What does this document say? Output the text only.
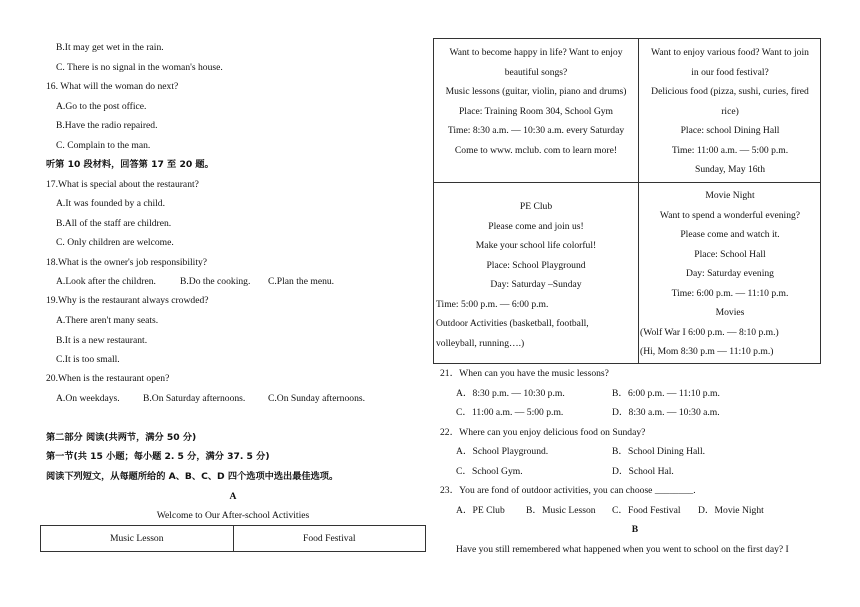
B.It may get wet in the rain.
C. There is no signal in the woman's house.
16. What will the woman do next?
A.Go to the post office.
B.Have the radio repaired.
C. Complain to the man.
听第 10 段材料，回答第 17 至 20 题。
17.What is special about the restaurant?
A.It was founded by a child.
B.All of the staff are children.
C. Only children are welcome.
18.What is the owner's job responsibility?
A.Look after the children.	B.Do the cooking. C.Plan the menu.
19.Why is the restaurant always crowded?
A.There aren't many seats.
B.It is a new restaurant.
C.It is too small.
20.When is the restaurant open?
A.On weekdays. B.On Saturday afternoons. C.On Sunday afternoons.
第二部分 阅读(共两节，满分 50 分)
第一节(共 15 小题；每小题 2. 5 分，满分 37. 5 分)
阅读下列短文，从每题所给的 A、B、C、D 四个选项中选出最佳选项。
A
Welcome to Our After-school Activities
Music Lesson	Food Festival
Want to become happy in life? Want to enjoy
beautiful songs?
Music lessons (guitar, violin, piano and drums)
Place: Training Room 304, School Gym
Time: 8:30 a.m. — 10:30 a.m. every Saturday
Come to www. mclub. com to learn more!
Want to enjoy various food? Want to join
in our food festival?
Delicious food (pizza, sushi, curies, fired
rice)
Place: school Dining Hall
Time: 11:00 a.m. — 5:00 p.m.
Sunday, May 16th
PE Club
Please come and join us!
Make your school life colorful!
Place: School Playground
Day: Saturday –Sunday
Time: 5:00 p.m. — 6:00 p.m.
Outdoor Activities (basketball, football,
volleyball, running….)
Movie Night
Want to spend a wonderful evening?
Please come and watch it.
Place: School Hall
Day: Saturday evening
Time: 6:00 p.m. — 11:10 p.m.
Movies
(Wolf War I 6:00 p.m. — 8:10 p.m.)
(Hi, Mom 8:30 p.m — 11:10 p.m.)
21．When can you have the music lessons?
A．8:30 p.m. — 10:30 p.m.	B．6:00 p.m. — 11:10 p.m.
C．11:00 a.m. — 5:00 p.m.	D．8:30 a.m. — 10:30 a.m.
22．Where can you enjoy delicious food on Sunday?
A．School Playground.	B．School Dining Hall.
C．School Gym.	D．School Hal.
23．You are fond of outdoor activities, you can choose ________.
A．PE Club B．Music Lesson C．Food Festival D．Movie Night
B
Have you still remembered what happened when you went to school on the first day? I
